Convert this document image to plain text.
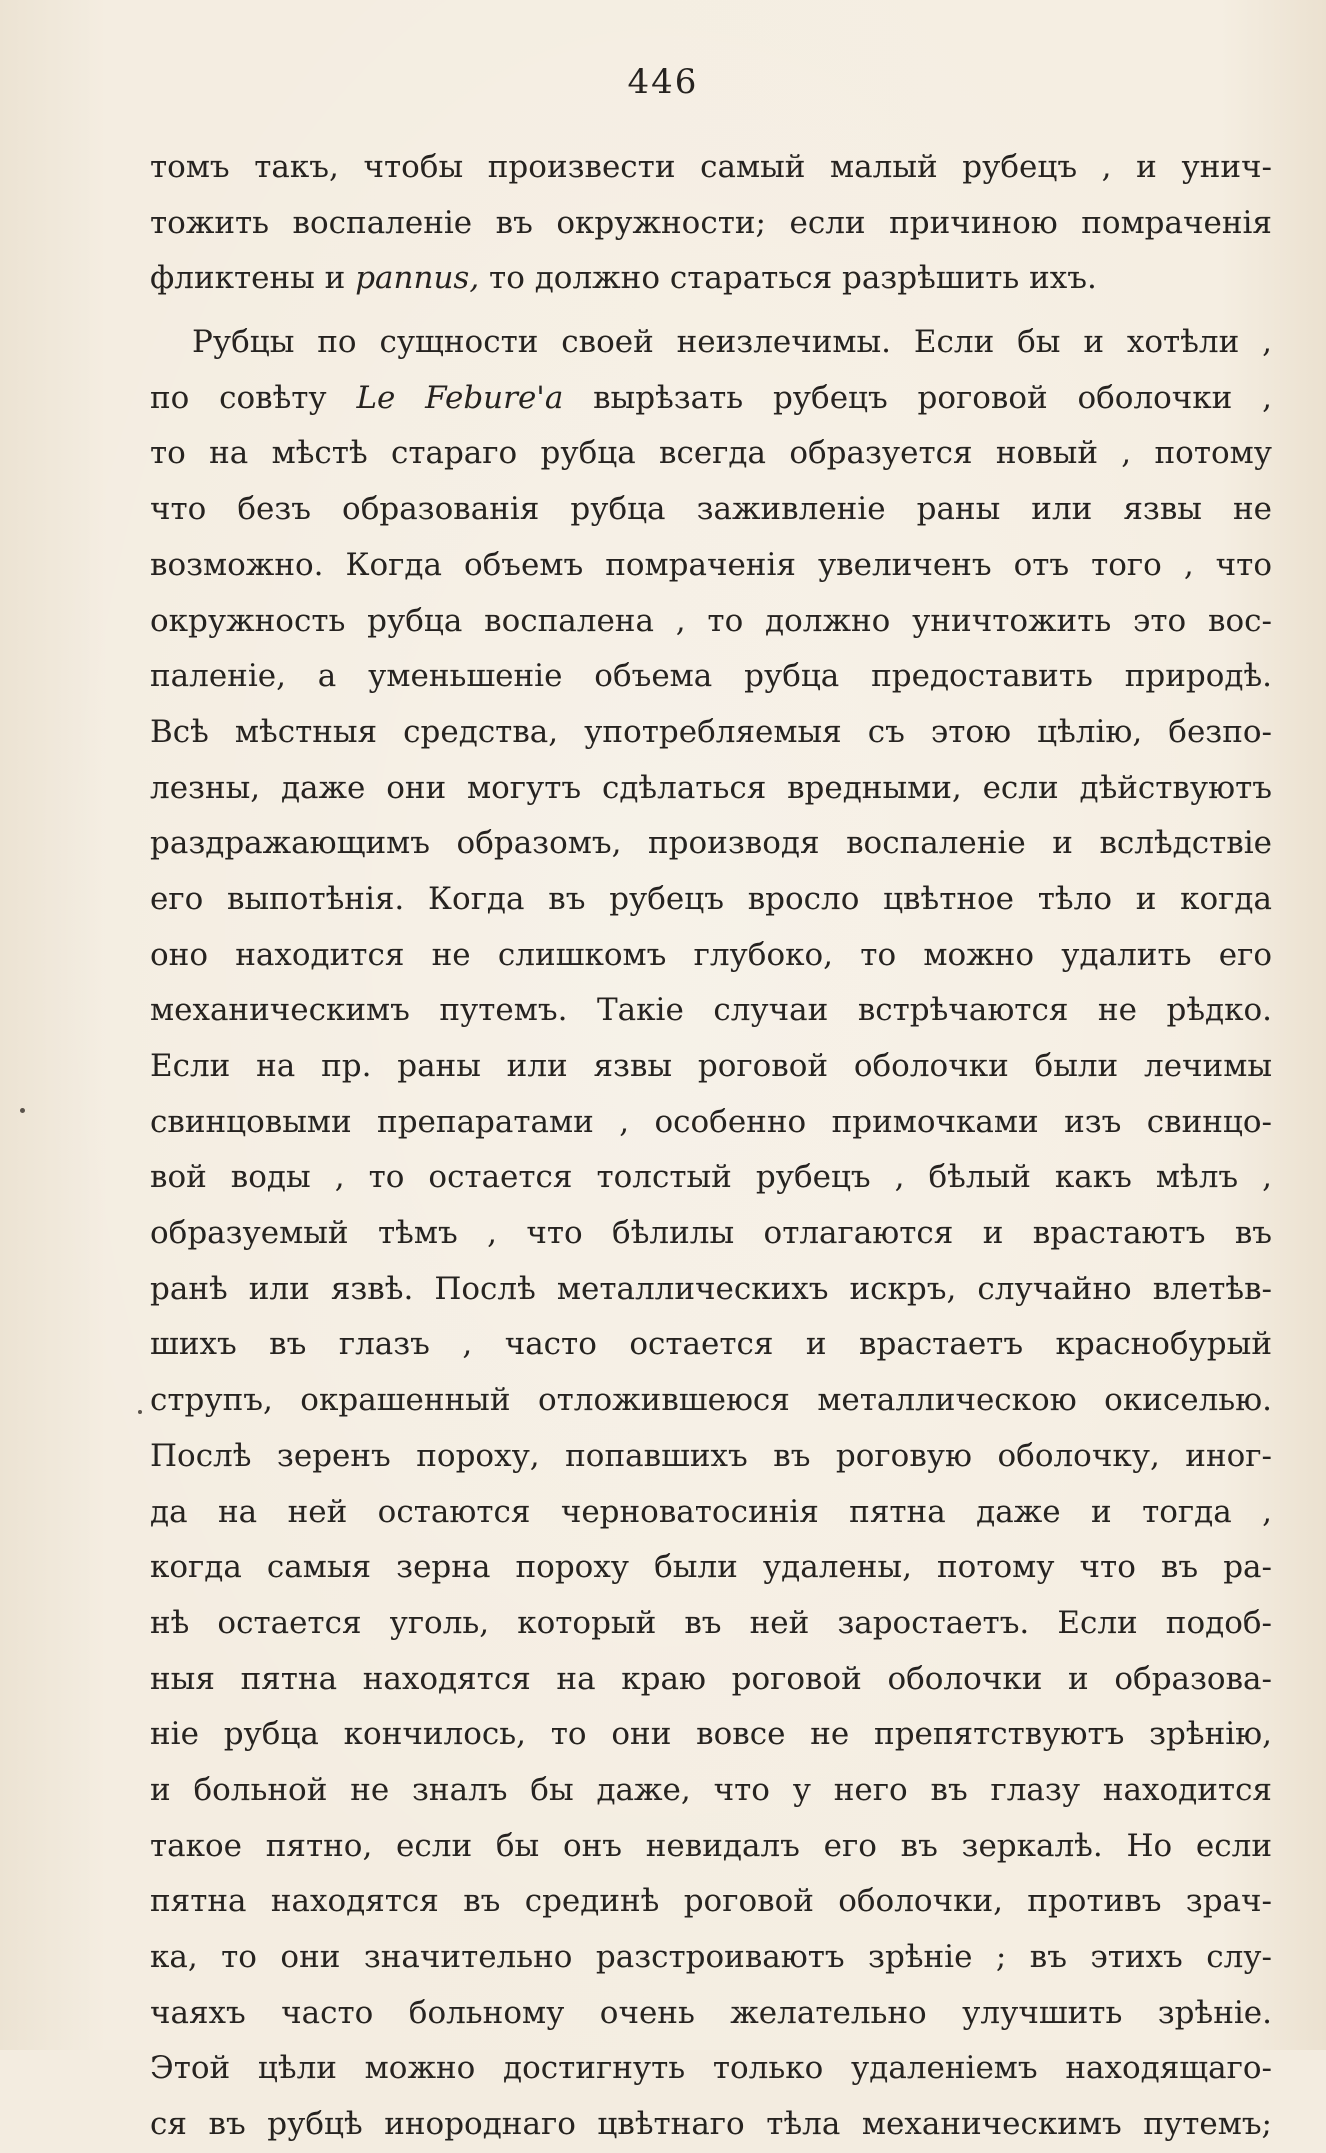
446
томъ такъ, чтобы произвести самый малый рубецъ , и унич-
тожить воспаленіе въ окружности; если причиною помраченія
фликтены и pannus, то должно стараться разрѣшить ихъ.
Рубцы по сущности своей неизлечимы. Если бы и хотѣли ,
по совѣту Le Febure'a вырѣзать рубецъ роговой оболочки ,
то на мѣстѣ стараго рубца всегда образуется новый , потому
что безъ образованія рубца заживленіе раны или язвы не
возможно. Когда объемъ помраченія увеличенъ отъ того , что
окружность рубца воспалена , то должно уничтожить это вос-
паленіе, а уменьшеніе объема рубца предоставить природѣ.
Всѣ мѣстныя средства, употребляемыя съ этою цѣлію, безпо-
лезны, даже они могутъ сдѣлаться вредными, если дѣйствуютъ
раздражающимъ образомъ, производя воспаленіе и вслѣдствіе
его выпотѣнія. Когда въ рубецъ вросло цвѣтное тѣло и когда
оно находится не слишкомъ глубоко, то можно удалить его
механическимъ путемъ. Такіе случаи встрѣчаются не рѣдко.
Если на пр. раны или язвы роговой оболочки были лечимы
свинцовыми препаратами , особенно примочками изъ свинцо-
вой воды , то остается толстый рубецъ , бѣлый какъ мѣлъ ,
образуемый тѣмъ , что бѣлилы отлагаются и врастаютъ въ
ранѣ или язвѣ. Послѣ металлическихъ искръ, случайно влетѣв-
шихъ въ глазъ , часто остается и врастаетъ краснобурый
струпъ, окрашенный отложившеюся металлическою окиселью.
Послѣ зеренъ пороху, попавшихъ въ роговую оболочку, иног-
да на ней остаются черноватосинія пятна даже и тогда ,
когда самыя зерна пороху были удалены, потому что въ ра-
нѣ остается уголь, который въ ней заростаетъ. Если подоб-
ныя пятна находятся на краю роговой оболочки и образова-
ніе рубца кончилось, то они вовсе не препятствуютъ зрѣнію,
и больной не зналъ бы даже, что у него въ глазу находится
такое пятно, если бы онъ невидалъ его въ зеркалѣ. Но если
пятна находятся въ срединѣ роговой оболочки, противъ зрач-
ка, то они значительно разстроиваютъ зрѣніе ; въ этихъ слу-
чаяхъ часто больному очень желательно улучшить зрѣніе.
Этой цѣли можно достигнуть только удаленіемъ находящаго-
ся въ рубцѣ инороднаго цвѣтнаго тѣла механическимъ путемъ;
